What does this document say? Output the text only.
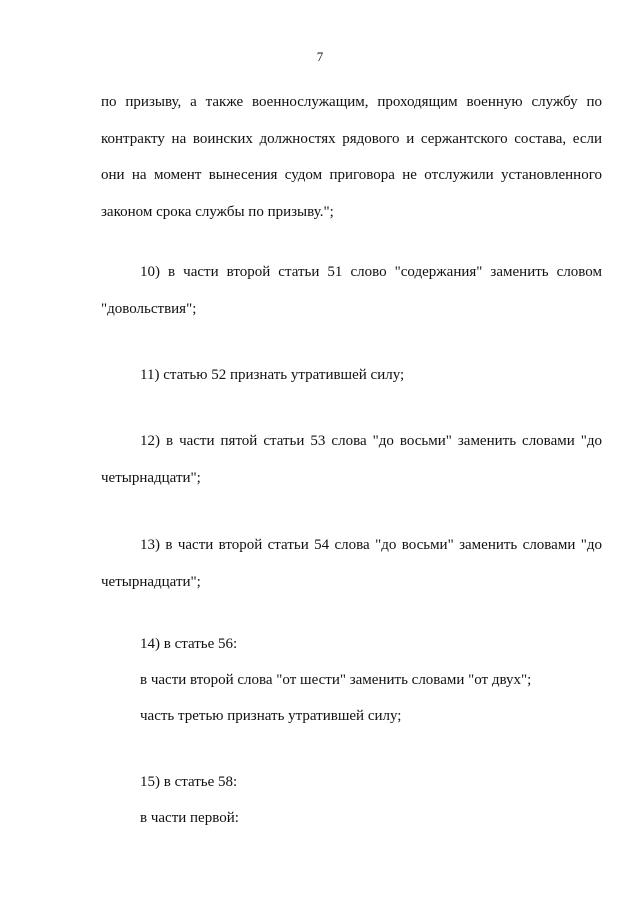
7
по призыву, а также военнослужащим, проходящим военную службу по
контракту на воинских должностях рядового и сержантского состава, если
они на момент вынесения судом приговора не отслужили установленного
законом срока службы по призыву.";
10) в части второй статьи 51 слово "содержания" заменить словом
"довольствия";
11) статью 52 признать утратившей силу;
12) в части пятой статьи 53 слова "до восьми" заменить словами "до
четырнадцати";
13) в части второй статьи 54 слова "до восьми" заменить словами "до
четырнадцати";
14) в статье 56:
в части второй слова "от шести" заменить словами "от двух";
часть третью признать утратившей силу;
15) в статье 58:
в части первой:
